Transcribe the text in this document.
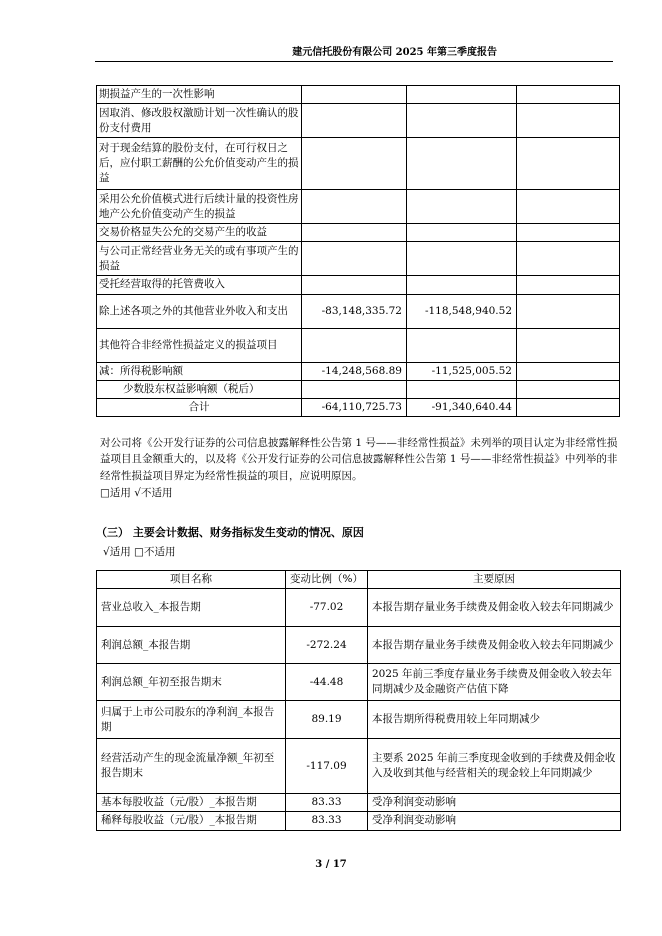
建元信托股份有限公司 2025 年第三季度报告
期损益产生的一次性影响			
因取消、修改股权激励计划一次性确认的股份支付费用			
对于现金结算的股份支付，在可行权日之后，应付职工薪酬的公允价值变动产生的损益			
采用公允价值模式进行后续计量的投资性房地产公允价值变动产生的损益			
交易价格显失公允的交易产生的收益			
与公司正常经营业务无关的或有事项产生的损益			
受托经营取得的托管费收入			
除上述各项之外的其他营业外收入和支出	-83,148,335.72	-118,548,940.52	
其他符合非经常性损益定义的损益项目			
减：所得税影响额	-14,248,568.89	-11,525,005.52	
少数股东权益影响额（税后）			
合计	-64,110,725.73	-91,340,640.44	
对公司将《公开发行证券的公司信息披露解释性公告第 1 号——非经常性损益》未列举的项目认定为非经常性损益项目且金额重大的，以及将《公开发行证券的公司信息披露解释性公告第 1 号——非经常性损益》中列举的非经常性损益项目界定为经常性损益的项目，应说明原因。
□适用 √不适用
（三） 主要会计数据、财务指标发生变动的情况、原因
√适用 □不适用
项目名称	变动比例（%）	主要原因
营业总收入_本报告期	-77.02	本报告期存量业务手续费及佣金收入较去年同期减少
利润总额_本报告期	-272.24	本报告期存量业务手续费及佣金收入较去年同期减少
利润总额_年初至报告期末	-44.48	2025 年前三季度存量业务手续费及佣金收入较去年同期减少及金融资产估值下降
归属于上市公司股东的净利润_本报告期	89.19	本报告期所得税费用较上年同期减少
经营活动产生的现金流量净额_年初至报告期末	-117.09	主要系 2025 年前三季度现金收到的手续费及佣金收入及收到其他与经营相关的现金较上年同期减少
基本每股收益（元/股）_本报告期	83.33	受净利润变动影响
稀释每股收益（元/股）_本报告期	83.33	受净利润变动影响
3 / 17
